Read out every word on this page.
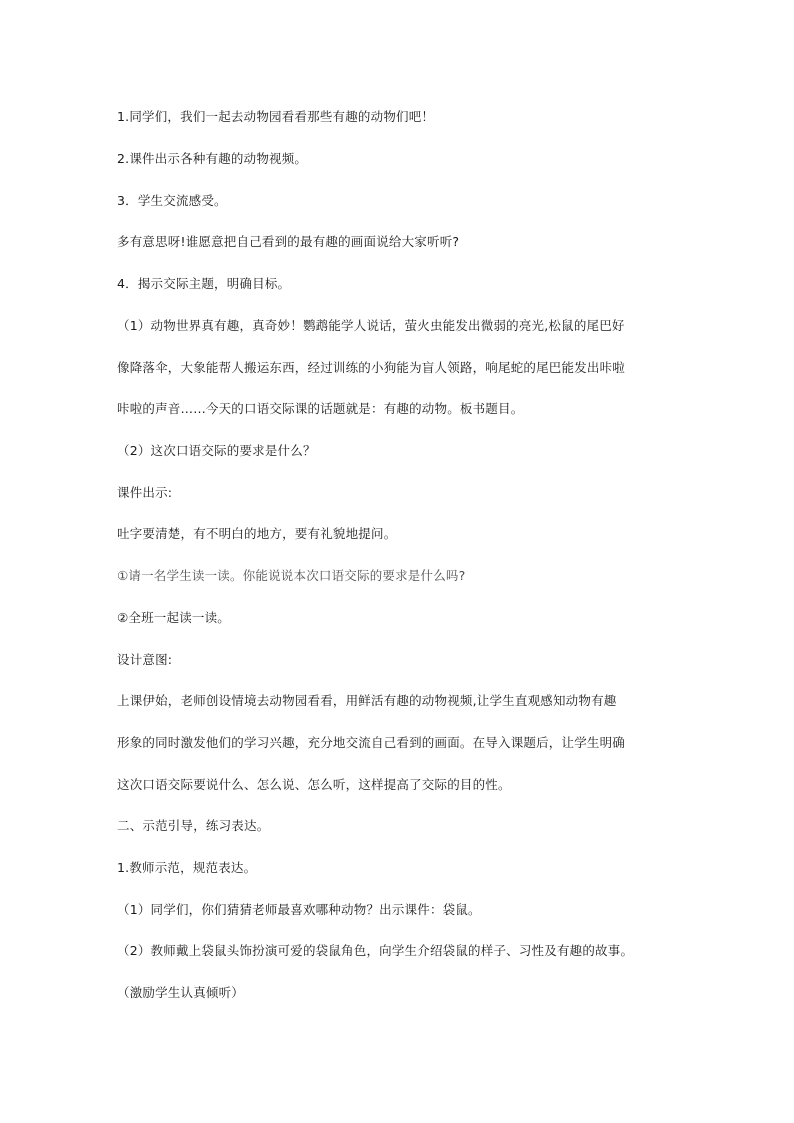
1.同学们，我们一起去动物园看看那些有趣的动物们吧！
2.课件出示各种有趣的动物视频。
3．学生交流感受。
多有意思呀!谁愿意把自己看到的最有趣的画面说给大家听听?
4．揭示交际主题，明确目标。
（1）动物世界真有趣，真奇妙！鹦鹉能学人说话，萤火虫能发出微弱的亮光,松鼠的尾巴好
像降落伞，大象能帮人搬运东西，经过训练的小狗能为盲人领路，响尾蛇的尾巴能发出咔啦
咔啦的声音……今天的口语交际课的话题就是：有趣的动物。板书题目。
（2）这次口语交际的要求是什么？
课件出示:
吐字要清楚，有不明白的地方，要有礼貌地提问。
①请一名学生读一读。你能说说本次口语交际的要求是什么吗?
②全班一起读一读。
设计意图:
上课伊始，老师创设情境去动物园看看，用鲜活有趣的动物视频,让学生直观感知动物有趣
形象的同时激发他们的学习兴趣，充分地交流自己看到的画面。在导入课题后，让学生明确
这次口语交际要说什么、怎么说、怎么听，这样提高了交际的目的性。
二、示范引导，练习表达。
1.教师示范，规范表达。
（1）同学们，你们猜猜老师最喜欢哪种动物？出示课件：袋鼠。
（2）教师戴上袋鼠头饰扮演可爱的袋鼠角色，向学生介绍袋鼠的样子、习性及有趣的故事。
（激励学生认真倾听）
